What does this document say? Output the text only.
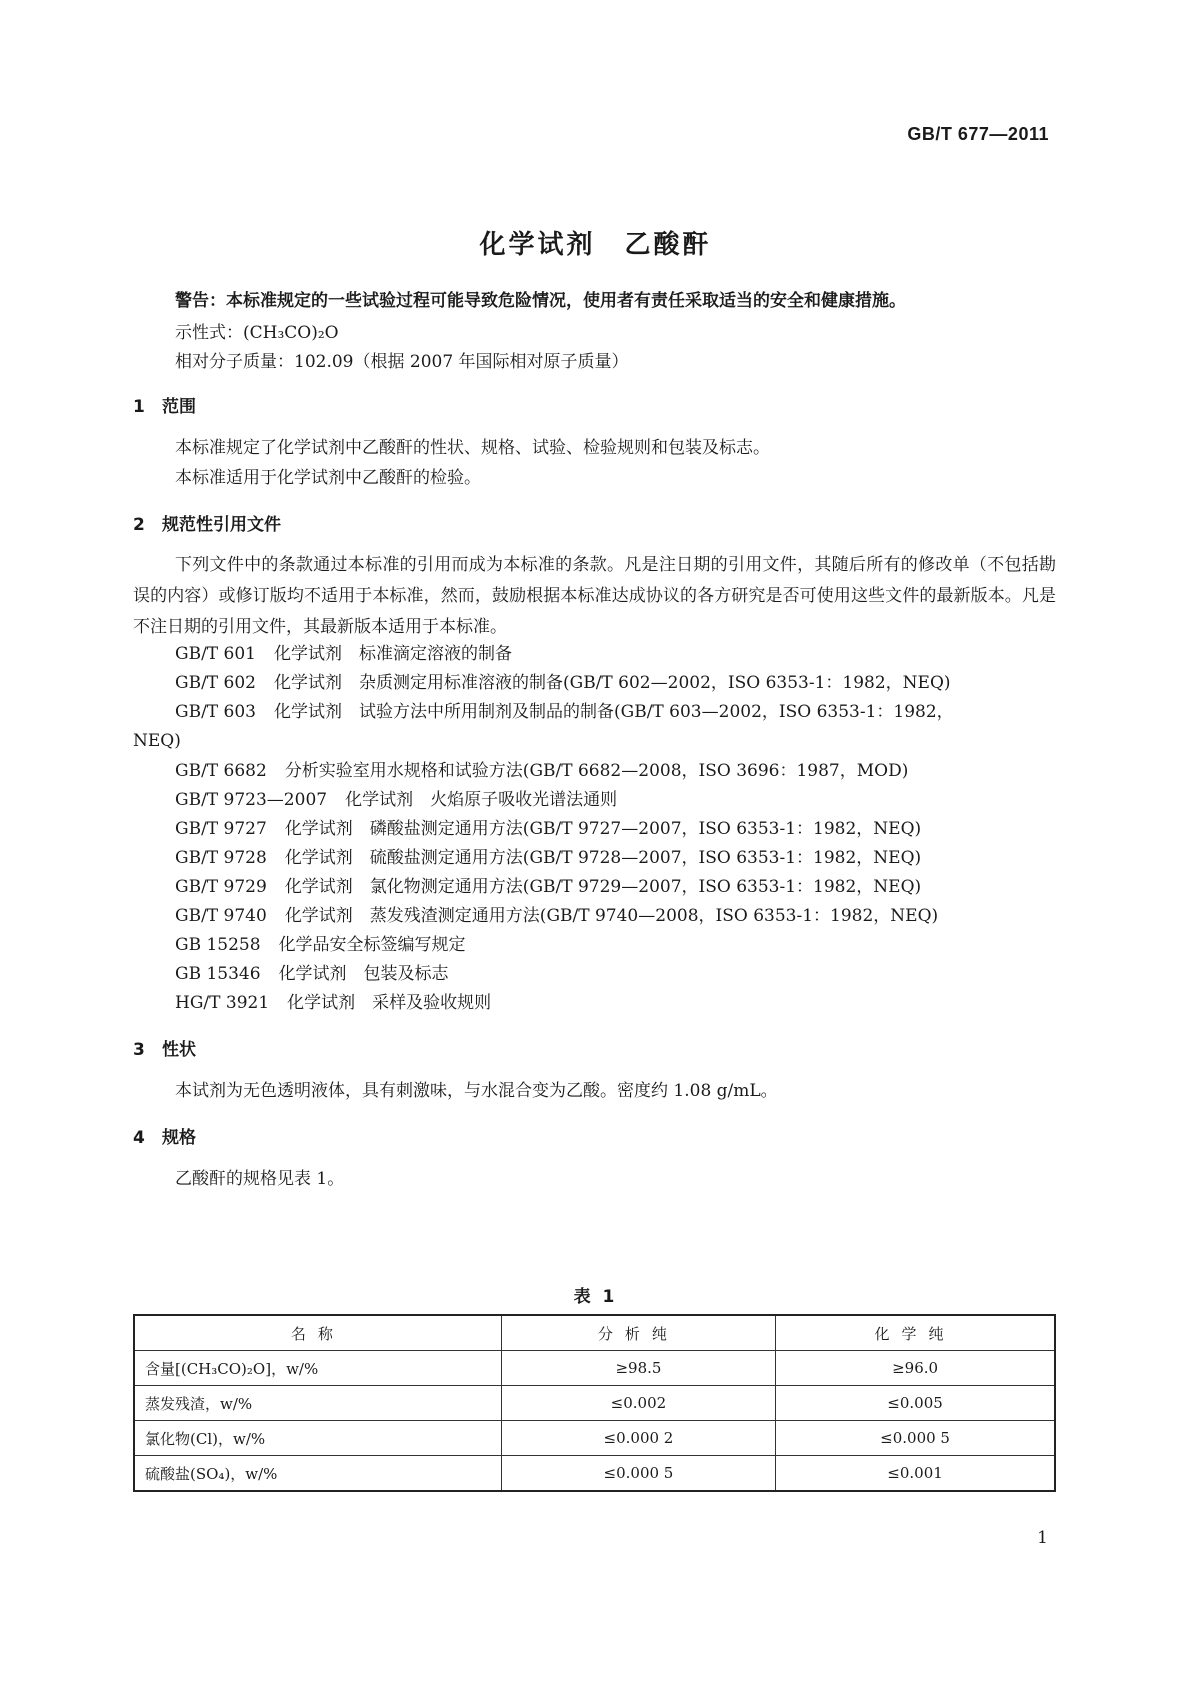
GB/T 677—2011
化学试剂　乙酸酐
警告：本标准规定的一些试验过程可能导致危险情况，使用者有责任采取适当的安全和健康措施。
示性式：(CH₃CO)₂O
相对分子质量：102.09（根据 2007 年国际相对原子质量）
1 范围
本标准规定了化学试剂中乙酸酐的性状、规格、试验、检验规则和包装及标志。
本标准适用于化学试剂中乙酸酐的检验。
2 规范性引用文件
下列文件中的条款通过本标准的引用而成为本标准的条款。凡是注日期的引用文件，其随后所有的修改单（不包括勘误的内容）或修订版均不适用于本标准，然而，鼓励根据本标准达成协议的各方研究是否可使用这些文件的最新版本。凡是不注日期的引用文件，其最新版本适用于本标准。
GB/T 601 化学试剂　标准滴定溶液的制备
GB/T 602 化学试剂　杂质测定用标准溶液的制备(GB/T 602—2002，ISO 6353-1：1982，NEQ)
GB/T 603 化学试剂　试验方法中所用制剂及制品的制备(GB/T 603—2002，ISO 6353-1：1982，
NEQ)
GB/T 6682 分析实验室用水规格和试验方法(GB/T 6682—2008，ISO 3696：1987，MOD)
GB/T 9723—2007 化学试剂　火焰原子吸收光谱法通则
GB/T 9727 化学试剂　磷酸盐测定通用方法(GB/T 9727—2007，ISO 6353-1：1982，NEQ)
GB/T 9728 化学试剂　硫酸盐测定通用方法(GB/T 9728—2007，ISO 6353-1：1982，NEQ)
GB/T 9729 化学试剂　氯化物测定通用方法(GB/T 9729—2007，ISO 6353-1：1982，NEQ)
GB/T 9740 化学试剂　蒸发残渣测定通用方法(GB/T 9740—2008，ISO 6353-1：1982，NEQ)
GB 15258 化学品安全标签编写规定
GB 15346 化学试剂　包装及标志
HG/T 3921 化学试剂　采样及验收规则
3 性状
本试剂为无色透明液体，具有刺激味，与水混合变为乙酸。密度约 1.08 g/mL。
4 规格
乙酸酐的规格见表 1。
表 1
名称	分析纯	化学纯
含量[(CH₃CO)₂O]，w/%	≥98.5	≥96.0
蒸发残渣，w/%	≤0.002	≤0.005
氯化物(Cl)，w/%	≤0.000 2	≤0.000 5
硫酸盐(SO₄)，w/%	≤0.000 5	≤0.001
1
